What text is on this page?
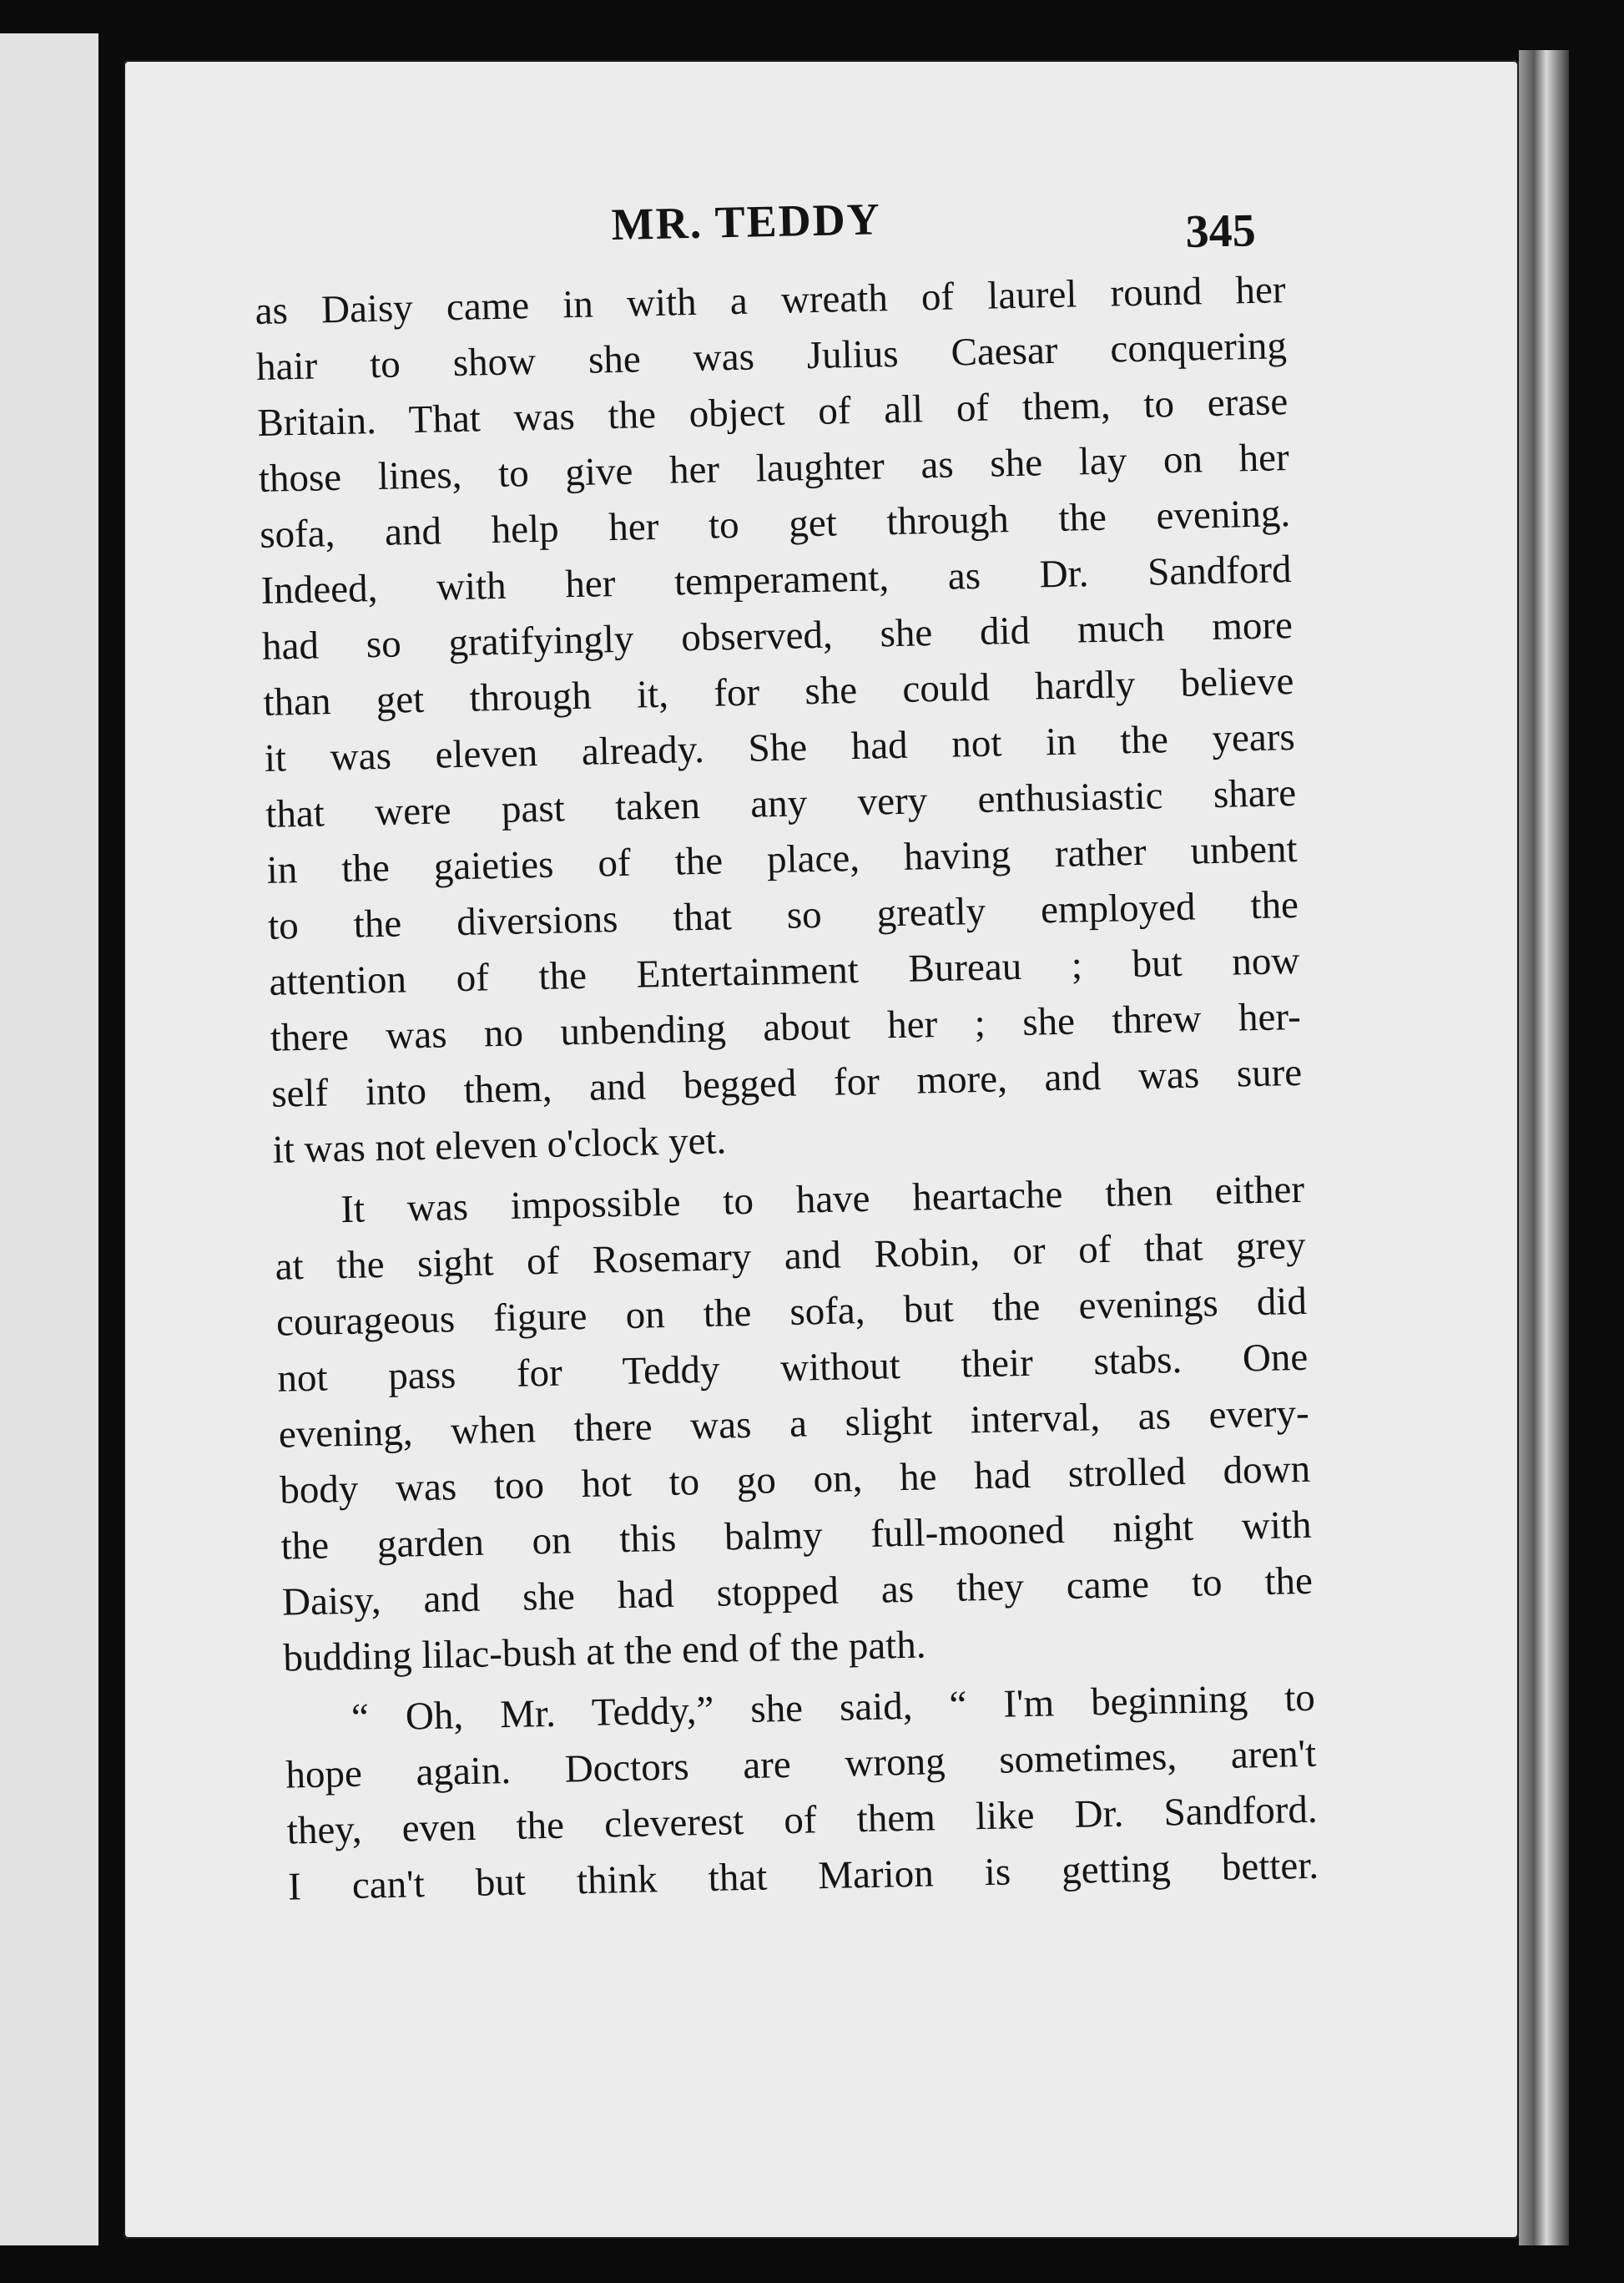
MR. TEDDY	345
as Daisy came in with a wreath of laurel round her
hair to show she was Julius Caesar conquering
Britain. That was the object of all of them, to erase
those lines, to give her laughter as she lay on her
sofa, and help her to get through the evening.
Indeed, with her temperament, as Dr. Sandford
had so gratifyingly observed, she did much more
than get through it, for she could hardly believe
it was eleven already. She had not in the years
that were past taken any very enthusiastic share
in the gaieties of the place, having rather unbent
to the diversions that so greatly employed the
attention of the Entertainment Bureau ; but now
there was no unbending about her ; she threw her-
self into them, and begged for more, and was sure
it was not eleven o'clock yet.
It was impossible to have heartache then either
at the sight of Rosemary and Robin, or of that grey
courageous figure on the sofa, but the evenings did
not pass for Teddy without their stabs. One
evening, when there was a slight interval, as every-
body was too hot to go on, he had strolled down
the garden on this balmy full-mooned night with
Daisy, and she had stopped as they came to the
budding lilac-bush at the end of the path.
“ Oh, Mr. Teddy,” she said, “ I'm beginning to
hope again. Doctors are wrong sometimes, aren't
they, even the cleverest of them like Dr. Sandford.
I can't but think that Marion is getting better.
